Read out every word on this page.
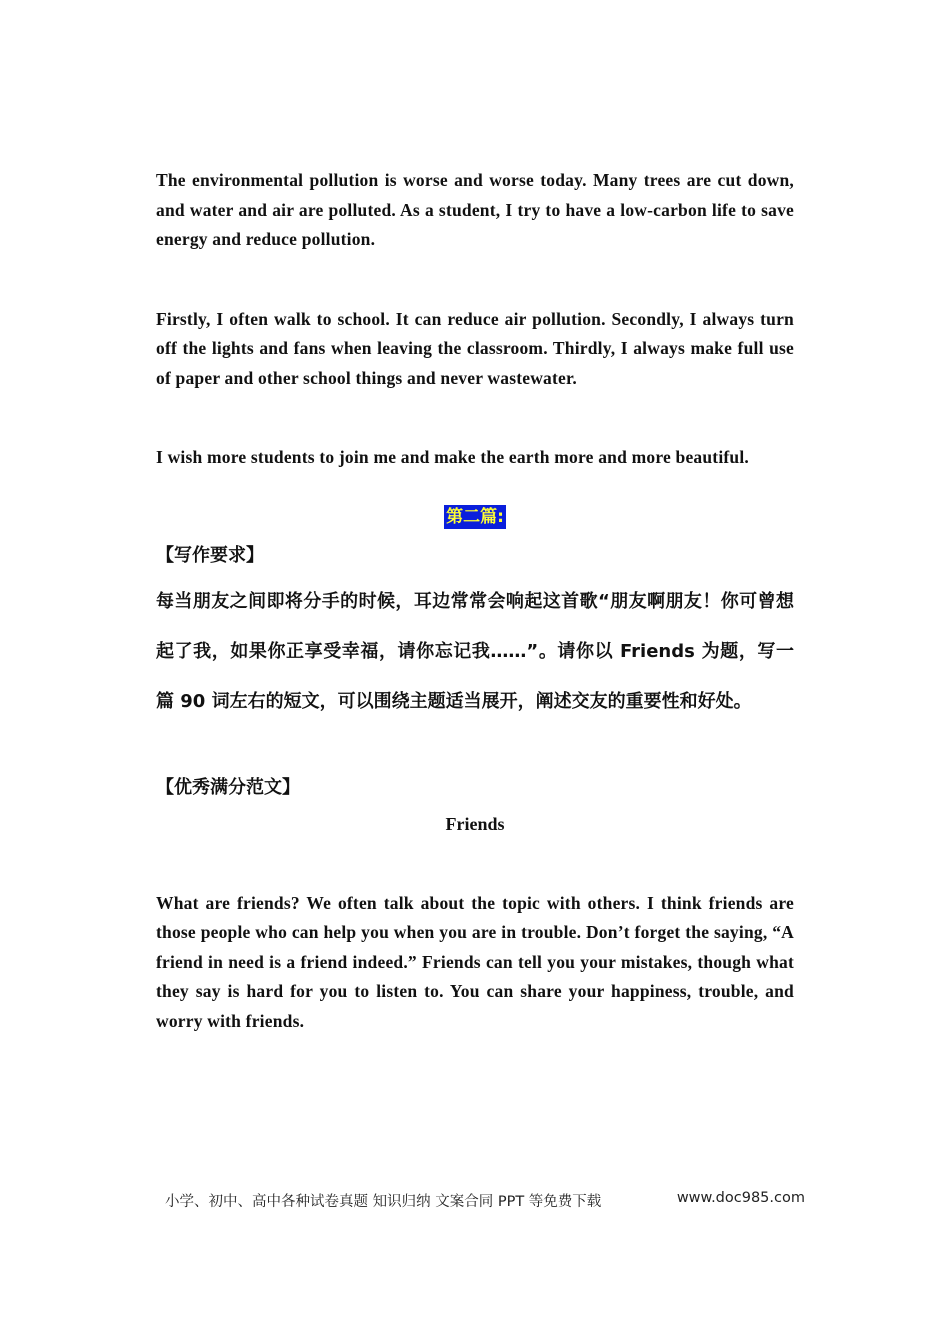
The environmental pollution is worse and worse today. Many trees are cut down, and water and air are polluted. As a student, I try to have a low-carbon life to save energy and reduce pollution.

Firstly, I often walk to school. It can reduce air pollution. Secondly, I always turn off the lights and fans when leaving the classroom. Thirdly, I always make full use of paper and other school things and never wastewater.

I wish more students to join me and make the earth more and more beautiful.

第二篇:

【写作要求】

每当朋友之间即将分手的时候，耳边常常会响起这首歌“朋友啊朋友！你可曾想起了我，如果你正享受幸福，请你忘记我……”。请你以 Friends 为题，写一篇 90 词左右的短文，可以围绕主题适当展开，阐述交友的重要性和好处。

【优秀满分范文】

Friends

What are friends? We often talk about the topic with others. I think friends are those people who can help you when you are in trouble. Don’t forget the saying, “A friend in need is a friend indeed.” Friends can tell you your mistakes, though what they say is hard for you to listen to. You can share your happiness, trouble, and worry with friends.

小学、初中、高中各种试卷真题 知识归纳 文案合同 PPT 等免费下载	www.doc985.com
